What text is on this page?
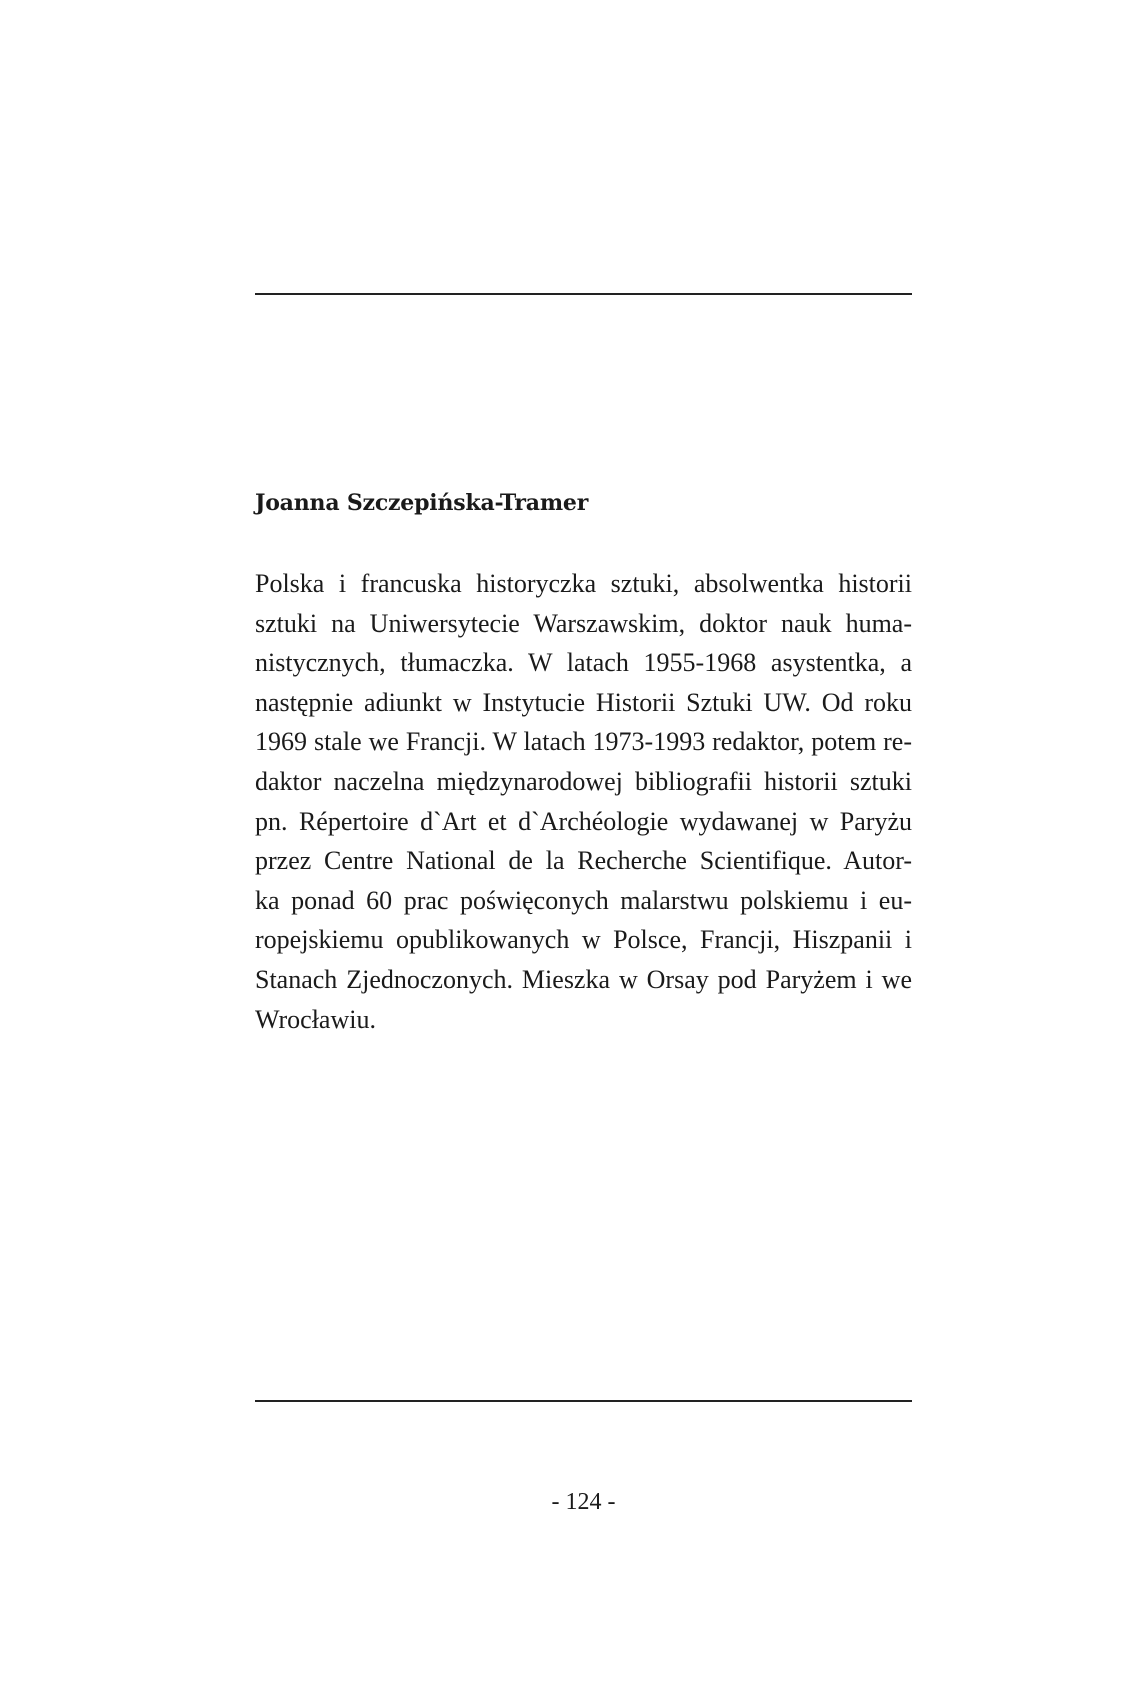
Joanna Szczepińska-Tramer
Polska i francuska historyczka sztuki, absolwentka historii
sztuki na Uniwersytecie Warszawskim, doktor nauk huma-
nistycznych, tłumaczka. W latach 1955-1968 asystentka, a
następnie adiunkt w Instytucie Historii Sztuki UW. Od roku
1969 stale we Francji. W latach 1973-1993 redaktor, potem re-
daktor naczelna międzynarodowej bibliografii historii sztuki
pn. Répertoire d`Art et d`Archéologie wydawanej w Paryżu
przez Centre National de la Recherche Scientifique. Autor-
ka ponad 60 prac poświęconych malarstwu polskiemu i eu-
ropejskiemu opublikowanych w Polsce, Francji, Hiszpanii i
Stanach Zjednoczonych. Mieszka w Orsay pod Paryżem i we
Wrocławiu.

- 124 -
